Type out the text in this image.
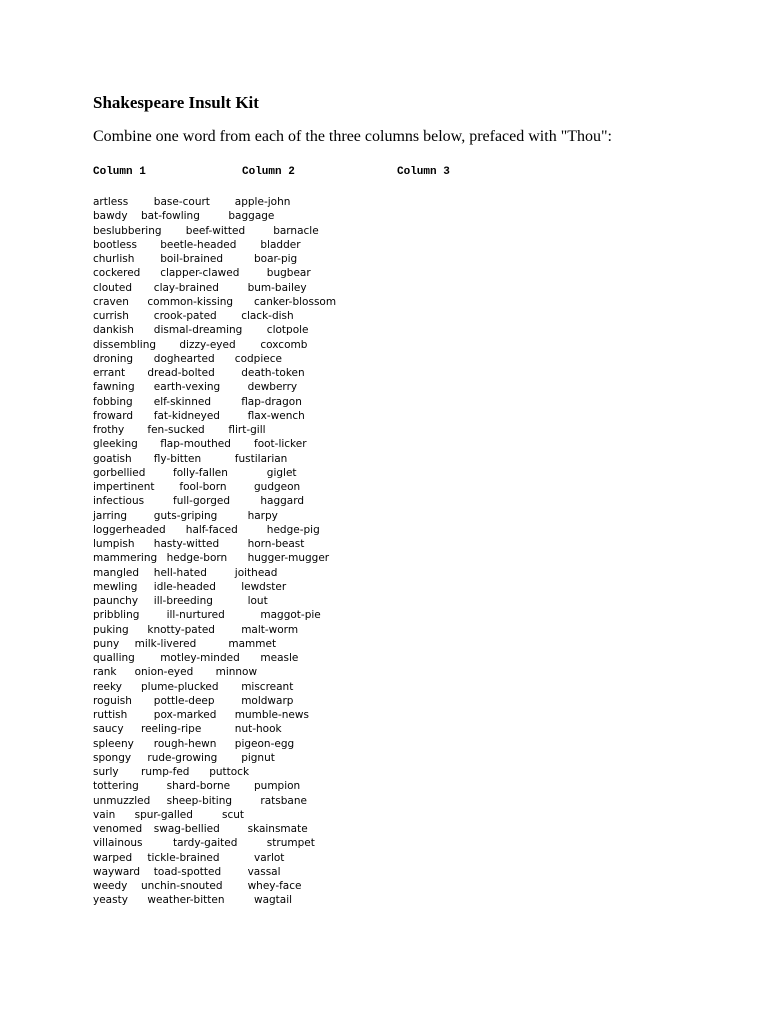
Shakespeare Insult Kit
Combine one word from each of the three columns below, prefaced with "Thou":
Column 1	Column 2	Column 3
artless base-court apple-john
bawdy bat-fowling	baggage
beslubbering beef-witted	barnacle
bootless beetle-headed bladder
churlish boil-brained	boar-pig
cockered clapper-clawed	bugbear
clouted clay-brained	bum-bailey
craven common-kissing canker-blossom
currish crook-pated clack-dish
dankish dismal-dreaming clotpole
dissembling dizzy-eyed coxcomb
droning doghearted codpiece
errant dread-bolted	death-token
fawning earth-vexing	dewberry
fobbing elf-skinned	flap-dragon
froward fat-kidneyed	flax-wench
frothy fen-sucked flirt-gill
gleeking flap-mouthed foot-licker
goatish fly-bitten	fustilarian
gorbellied	folly-fallen	giglet
impertinent fool-born	gudgeon
infectious	full-gorged	haggard
jarring	guts-griping	harpy
loggerheaded half-faced	hedge-pig
lumpish hasty-witted	horn-beast
mammering hedge-born hugger-mugger
mangled hell-hated	joithead
mewling idle-headed lewdster
paunchy ill-breeding	lout
pribbling	ill-nurtured	maggot-pie
puking knotty-pated malt-worm
puny milk-livered	mammet
qualling motley-minded measle
rank onion-eyed minnow
reeky plume-plucked miscreant
roguish pottle-deep	moldwarp
ruttish	pox-marked mumble-news
saucy reeling-ripe	nut-hook
spleeny rough-hewn pigeon-egg
spongy rude-growing pignut
surly rump-fed puttock
tottering	shard-borne pumpion
unmuzzled sheep-biting	ratsbane
vain spur-galled	scut
venomed swag-bellied	skainsmate
villainous	tardy-gaited	strumpet
warped tickle-brained	varlot
wayward toad-spotted	vassal
weedy unchin-snouted whey-face
yeasty weather-bitten	wagtail
